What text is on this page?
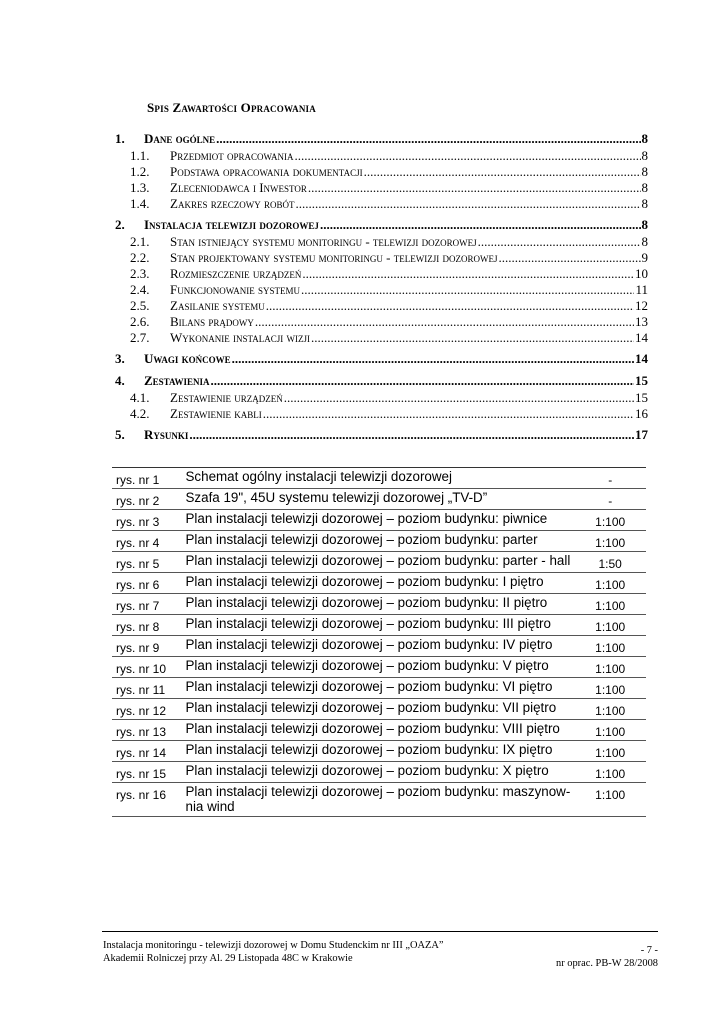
Spis Zawartości Opracowania
1.	Dane ogólne .....	8
1.1.	Przedmiot opracowania .....	8
1.2.	Podstawa opracowania dokumentacji .....	8
1.3.	Zleceniodawca i Inwestor .....	8
1.4.	Zakres rzeczowy robót .....	8
2.	Instalacja telewizji dozorowej .....	8
2.1.	Stan istniejący systemu monitoringu - telewizji dozorowej .....	8
2.2.	Stan projektowany systemu monitoringu - telewizji dozorowej .....	9
2.3.	Rozmieszczenie urządzeń .....	10
2.4.	Funkcjonowanie systemu .....	11
2.5.	Zasilanie systemu .....	12
2.6.	Bilans prądowy .....	13
2.7.	Wykonanie instalacji wizji .....	14
3.	Uwagi końcowe .....	14
4.	Zestawienia .....	15
4.1.	Zestawienie urządzeń .....	15
4.2.	Zestawienie kabli .....	16
5.	Rysunki .....	17
rys. nr 1	Schemat ogólny instalacji telewizji dozorowej	-
rys. nr 2	Szafa 19", 45U systemu telewizji dozorowej „TV-D”	-
rys. nr 3	Plan instalacji telewizji dozorowej – poziom budynku: piwnice	1:100
rys. nr 4	Plan instalacji telewizji dozorowej – poziom budynku: parter	1:100
rys. nr 5	Plan instalacji telewizji dozorowej – poziom budynku: parter - hall	1:50
rys. nr 6	Plan instalacji telewizji dozorowej – poziom budynku: I piętro	1:100
rys. nr 7	Plan instalacji telewizji dozorowej – poziom budynku: II piętro	1:100
rys. nr 8	Plan instalacji telewizji dozorowej – poziom budynku: III piętro	1:100
rys. nr 9	Plan instalacji telewizji dozorowej – poziom budynku: IV piętro	1:100
rys. nr 10	Plan instalacji telewizji dozorowej – poziom budynku: V piętro	1:100
rys. nr 11	Plan instalacji telewizji dozorowej – poziom budynku: VI piętro	1:100
rys. nr 12	Plan instalacji telewizji dozorowej – poziom budynku: VII piętro	1:100
rys. nr 13	Plan instalacji telewizji dozorowej – poziom budynku: VIII piętro	1:100
rys. nr 14	Plan instalacji telewizji dozorowej – poziom budynku: IX piętro	1:100
rys. nr 15	Plan instalacji telewizji dozorowej – poziom budynku: X piętro	1:100
rys. nr 16	Plan instalacji telewizji dozorowej – poziom budynku: maszynow-nia wind	1:100
Instalacja monitoringu - telewizji dozorowej w Domu Studenckim nr III „OAZA”
Akademii Rolniczej przy Al. 29 Listopada 48C w Krakowie
- 7 -
nr oprac. PB-W 28/2008
